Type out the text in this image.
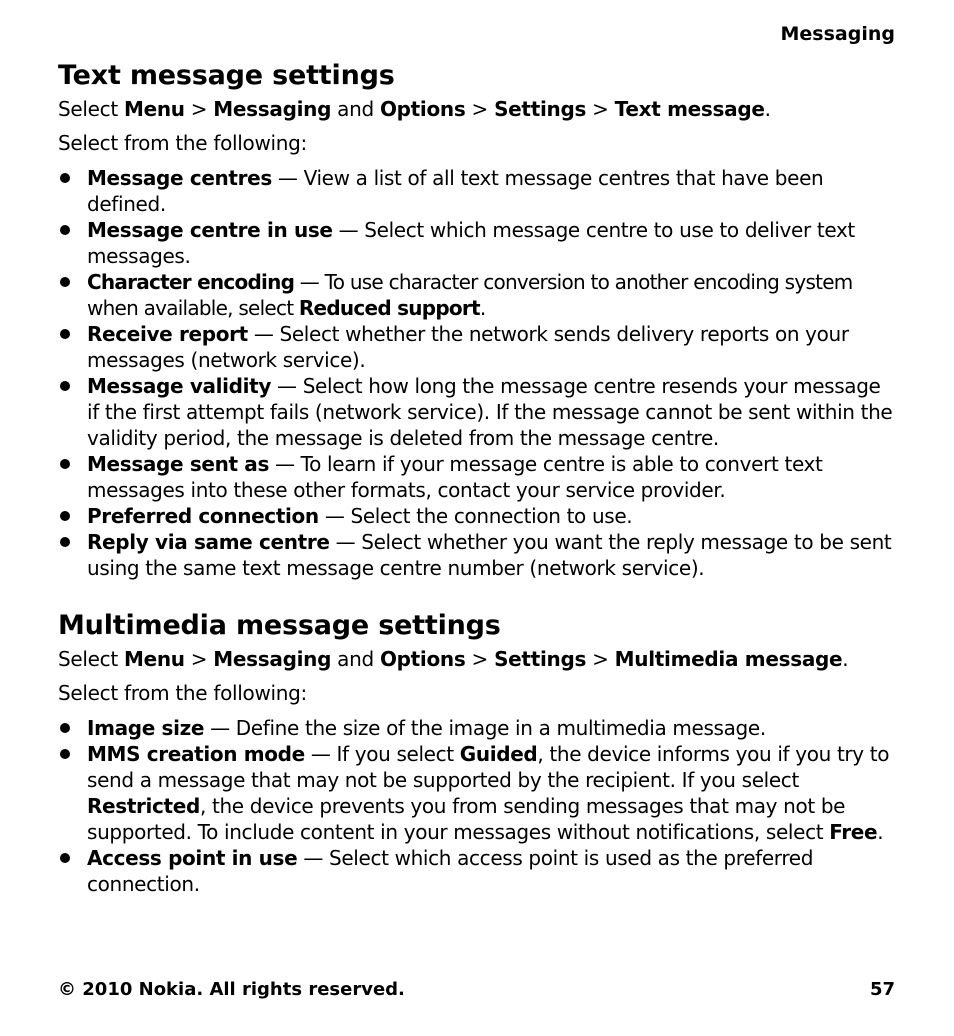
Messaging
Text message settings

Select Menu > Messaging and Options > Settings > Text message.

Select from the following:

Message centres — View a list of all text message centres that have been defined.
Message centre in use — Select which message centre to use to deliver text messages.
Character encoding — To use character conversion to another encoding system when available, select Reduced support.
Receive report — Select whether the network sends delivery reports on your messages (network service).
Message validity — Select how long the message centre resends your message if the first attempt fails (network service). If the message cannot be sent within the validity period, the message is deleted from the message centre.
Message sent as — To learn if your message centre is able to convert text messages into these other formats, contact your service provider.
Preferred connection — Select the connection to use.
Reply via same centre — Select whether you want the reply message to be sent using the same text message centre number (network service).
Multimedia message settings

Select Menu > Messaging and Options > Settings > Multimedia message.

Select from the following:

Image size — Define the size of the image in a multimedia message.
MMS creation mode — If you select Guided, the device informs you if you try to send a message that may not be supported by the recipient. If you select Restricted, the device prevents you from sending messages that may not be supported. To include content in your messages without notifications, select Free.
Access point in use — Select which access point is used as the preferred connection.
© 2010 Nokia. All rights reserved.	57
